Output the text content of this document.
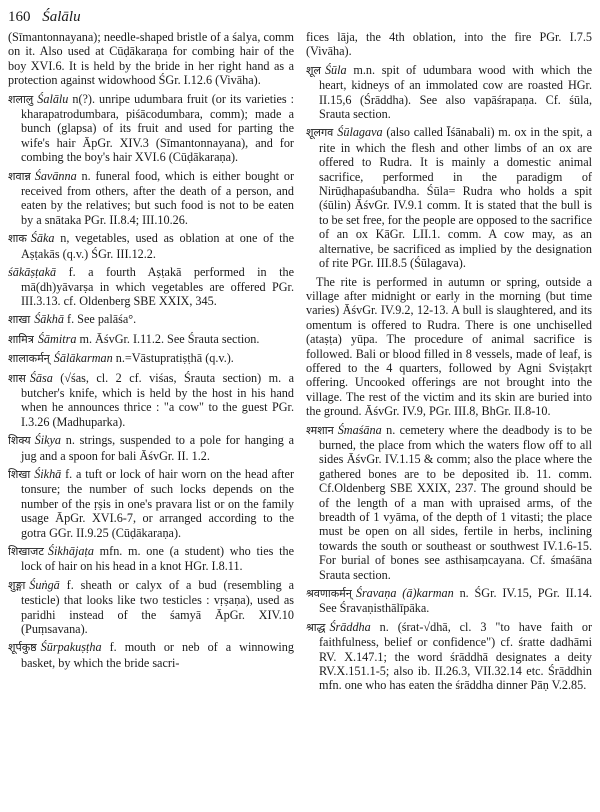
160 Śalālu

(Sīmantonnayana); needle-shaped bristle of a śalya, comm on it. Also used at Cūḍākaraṇa for combing hair of the boy XVI.6. It is held by the bride in her right hand as a protection against widowhood ŚGr. I.12.6 (Vivāha).

शलालु Śalālu n(?). unripe udumbara fruit (or its varieties : kharapatrodumbara, piśācodumbara, comm); made a bunch (glapsa) of its fruit and used for parting the wife's hair ĀpGr. XIV.3 (Sīmantonnayana), and for combing the boy's hair XVI.6 (Cūḍākaraṇa).

शवान्न Śavānna n. funeral food, which is either bought or received from others, after the death of a person, and eaten by the relatives; but such food is not to be eaten by a snātaka PGr. II.8.4; III.10.26.

शाक Śāka n, vegetables, used as oblation at one of the Aṣṭakās (q.v.) ŚGr. III.12.2.

śākāṣṭakā f. a fourth Aṣṭakā performed in the mā(dh)yāvarṣa in which vegetables are offered PGr. III.3.13. cf. Oldenberg SBE XXIX, 345.

शाखा Śākhā f. See palāśa°.

शामित्र Śāmitra m. ĀśvGr. I.11.2. See Śrauta section.

शालाकर्मन् Śālākarman n.=Vāstupratiṣṭhā (q.v.).

शास Śāsa (√śas, cl. 2 cf. viśas, Śrauta section) m. a butcher's knife, which is held by the host in his hand when he announces thrice : "a cow" to the guest PGr. I.3.26 (Madhuparka).

शिक्य Śikya n. strings, suspended to a pole for hanging a jug and a spoon for bali ĀśvGr. II. 1.2.

शिखा Śikhā f. a tuft or lock of hair worn on the head after tonsure; the number of such locks depends on the number of the ṛṣis in one's pravara list or on the family usage ĀpGr. XVI.6-7, or arranged according to the gotra GGr. II.9.25 (Cūḍākaraṇa).

शिखाजट Śikhājaṭa mfn. m. one (a student) who ties the lock of hair on his head in a knot HGr. I.8.11.

शुङ्गा Śuṅgā f. sheath or calyx of a bud (resembling a testicle) that looks like two testicles : vṛṣaṇa), used as paridhi instead of the śamyā ĀpGr. XIV.10 (Puṃsavana).

शूर्पकुष्ठ Śūrpakuṣṭha f. mouth or neb of a winnowing basket, by which the bride sacri-

fices lāja, the 4th oblation, into the fire PGr. I.7.5 (Vivāha).

शूल Śūla m.n. spit of udumbara wood with which the heart, kidneys of an immolated cow are roasted HGr. II.15,6 (Śrāddha). See also vapāśrapaṇa. Cf. śūla, Srauta section.

शूलगव Śūlagava (also called Īśānabali) m. ox in the spit, a rite in which the flesh and other limbs of an ox are offered to Rudra. It is mainly a domestic animal sacrifice, performed in the paradigm of Nirūḍhapaśubandha. Śūla= Rudra who holds a spit (śūlin) ĀśvGr. IV.9.1 comm. It is stated that the bull is to be set free, for the people are opposed to the sacrifice of an ox KāGr. LII.1. comm. A cow may, as an alternative, be sacrificed as implied by the designation of rite PGr. III.8.5 (Śūlagava).

The rite is performed in autumn or spring, outside a village after midnight or early in the morning (but time varies) ĀśvGr. IV.9.2, 12-13. A bull is slaughtered, and its omentum is offered to Rudra. There is one unchiselled (ataṣṭa) yūpa. The procedure of animal sacrifice is followed. Bali or blood filled in 8 vessels, made of leaf, is offered to the 4 quarters, followed by Agni Sviṣṭakṛt offering. Uncooked offerings are not brought into the village. The rest of the victim and its skin are buried into the ground. ĀśvGr. IV.9, PGr. III.8, BhGr. II.8-10.

श्मशान Śmaśāna n. cemetery where the deadbody is to be burned, the place from which the waters flow off to all sides ĀśvGr. IV.1.15 & comm; also the place where the gathered bones are to be deposited ib. 11. comm. Cf.Oldenberg SBE XXIX, 237. The ground should be of the length of a man with upraised arms, of the breadth of 1 vyāma, of the depth of 1 vitasti; the place must be open on all sides, fertile in herbs, inclining towards the south or southeast or southwest IV.1.6-15. For burial of bones see asthisaṃcayana. Cf. śmaśāna Srauta section.

श्रवणाकर्मन् Śravaṇa (ā)karman n. ŚGr. IV.15, PGr. II.14. See Śravaṇisthālīpāka.

श्राद्ध Śrāddha n. (śrat-√dhā, cl. 3 "to have faith or faithfulness, belief or confidence") cf. śratte dadhāmi RV. X.147.1; the word śrāddhā designates a deity RV.X.151.1-5; also ib. II.26.3, VII.32.14 etc. Śrāddhin mfn. one who has eaten the śrāddha dinner Pāṇ V.2.85.
